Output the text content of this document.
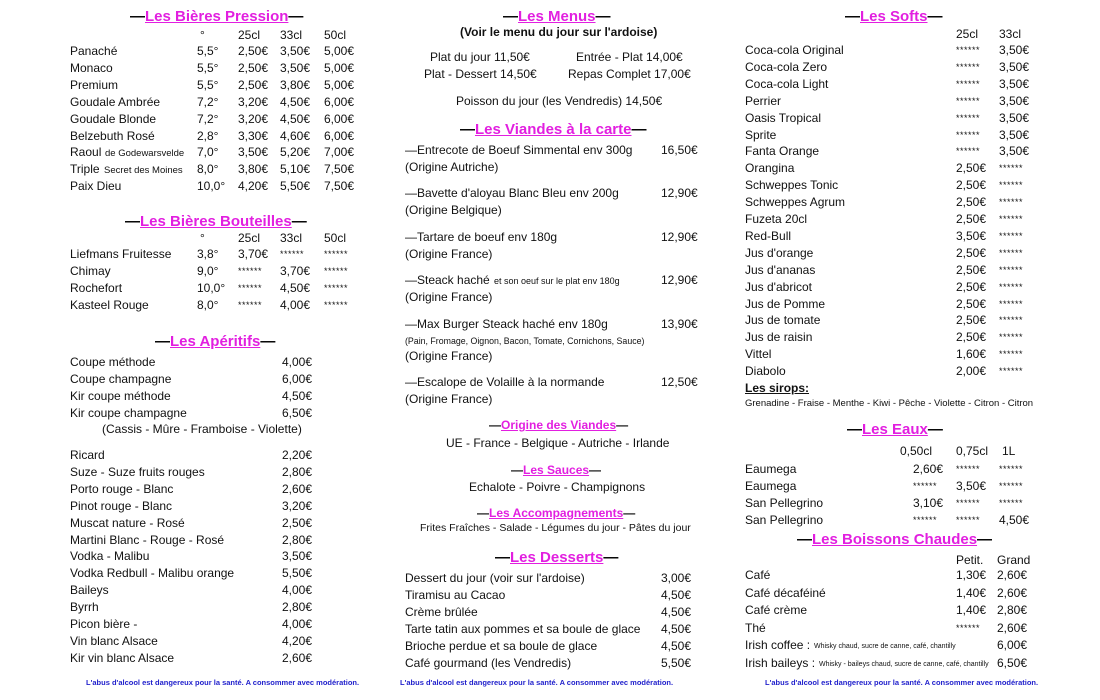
—Les Bières Pression—
°	25cl 33cl 50cl
Panaché	5,5° 2,50€ 3,50€ 5,00€
Monaco	5,5° 2,50€ 3,50€ 5,00€
Premium	5,5° 2,50€ 3,80€ 5,00€
Goudale Ambrée	7,2° 3,20€ 4,50€ 6,00€
Goudale Blonde	7,2° 3,20€ 4,50€ 6,00€
Belzebuth Rosé	2,8° 3,30€ 4,60€ 6,00€
Raoul de Godewarsvelde 7,0° 3,50€ 5,20€ 7,00€
Triple Secret des Moines 8,0° 3,80€ 5,10€ 7,50€
Paix Dieu	10,0° 4,20€ 5,50€ 7,50€
—Les Bières Bouteilles—
°	25cl 33cl 50cl
Liefmans Fruitesse 3,8° 3,70€ ****** ******
Chimay	9,0° ****** 3,70€ ******
Rochefort	10,0° ****** 4,50€ ******
Kasteel Rouge	8,0° ****** 4,00€ ******
—Les Apéritifs—
Coupe méthode	4,00€
Coupe champagne	6,00€
Kir coupe méthode	4,50€
Kir coupe champagne	6,50€
(Cassis - Mûre - Framboise - Violette)
Ricard	2,20€
Suze - Suze fruits rouges	2,80€
Porto rouge - Blanc	2,60€
Pinot rouge - Blanc	3,20€
Muscat nature - Rosé	2,50€
Martini Blanc - Rouge - Rosé	2,80€
Vodka - Malibu	3,50€
Vodka Redbull - Malibu orange	5,50€
Baileys	4,00€
Byrrh	2,80€
Picon bière -	4,00€
Vin blanc Alsace	4,20€
Kir vin blanc Alsace	2,60€
L'abus d'alcool est dangereux pour la santé. A consommer avec modération.
—Les Menus—
(Voir le menu du jour sur l'ardoise)
Plat du jour 11,50€
Plat - Dessert 14,50€
Entrée - Plat 14,00€
Repas Complet 17,00€
Poisson du jour (les Vendredis) 14,50€
—Les Viandes à la carte—
—Entrecote de Boeuf Simmental env 300g 16,50€
(Origine Autriche)
—Bavette d'aloyau Blanc Bleu env 200g	12,90€
(Origine Belgique)
—Tartare de boeuf env 180g	12,90€
(Origine France)
—Steack haché et son oeuf sur le plat env 180g	12,90€
(Origine France)
—Max Burger Steack haché env 180g	13,90€
(Pain, Fromage, Oignon, Bacon, Tomate, Cornichons, Sauce)
(Origine France)
—Escalope de Volaille à la normande	12,50€
(Origine France)
—Origine des Viandes—
UE - France - Belgique - Autriche - Irlande
—Les Sauces—
Echalote - Poivre - Champignons
—Les Accompagnements—
Frites Fraîches - Salade - Légumes du jour - Pâtes du jour
—Les Desserts—
Dessert du jour (voir sur l'ardoise)	3,00€
Tiramisu au Cacao	4,50€
Crème brûlée	4,50€
Tarte tatin aux pommes et sa boule de glace 4,50€
Brioche perdue et sa boule de glace	4,50€
Café gourmand (les Vendredis)	5,50€
L'abus d'alcool est dangereux pour la santé. A consommer avec modération.
—Les Softs—
25cl 33cl
Coca-cola Original	****** 3,50€
Coca-cola Zero	****** 3,50€
Coca-cola Light	****** 3,50€
Perrier	****** 3,50€
Oasis Tropical	****** 3,50€
Sprite	****** 3,50€
Fanta Orange	****** 3,50€
Orangina	2,50€ ******
Schweppes Tonic	2,50€ ******
Schweppes Agrum	2,50€ ******
Fuzeta 20cl	2,50€ ******
Red-Bull	3,50€ ******
Jus d'orange	2,50€ ******
Jus d'ananas	2,50€ ******
Jus d'abricot	2,50€ ******
Jus de Pomme	2,50€ ******
Jus de tomate	2,50€ ******
Jus de raisin	2,50€ ******
Vittel	1,60€ ******
Diabolo	2,00€ ******
Les sirops:
Grenadine - Fraise - Menthe - Kiwi - Pêche - Violette - Citron - Citron
—Les Eaux—
0,50cl 0,75cl 1L
Eaumega	2,60€ ****** ******
Eaumega	****** 3,50€ ******
San Pellegrino	3,10€ ****** ******
San Pellegrino	****** ****** 4,50€
—Les Boissons Chaudes—
Petit. Grand
Café	1,30€ 2,60€
Café décaféiné	1,40€ 2,60€
Café crème	1,40€ 2,80€
Thé	****** 2,60€
Irish coffee : Whisky chaud, sucre de canne, café, chantilly	6,00€
Irish baileys : Whisky - baileys chaud, sucre de canne, café, chantilly 6,50€
L'abus d'alcool est dangereux pour la santé. A consommer avec modération.
